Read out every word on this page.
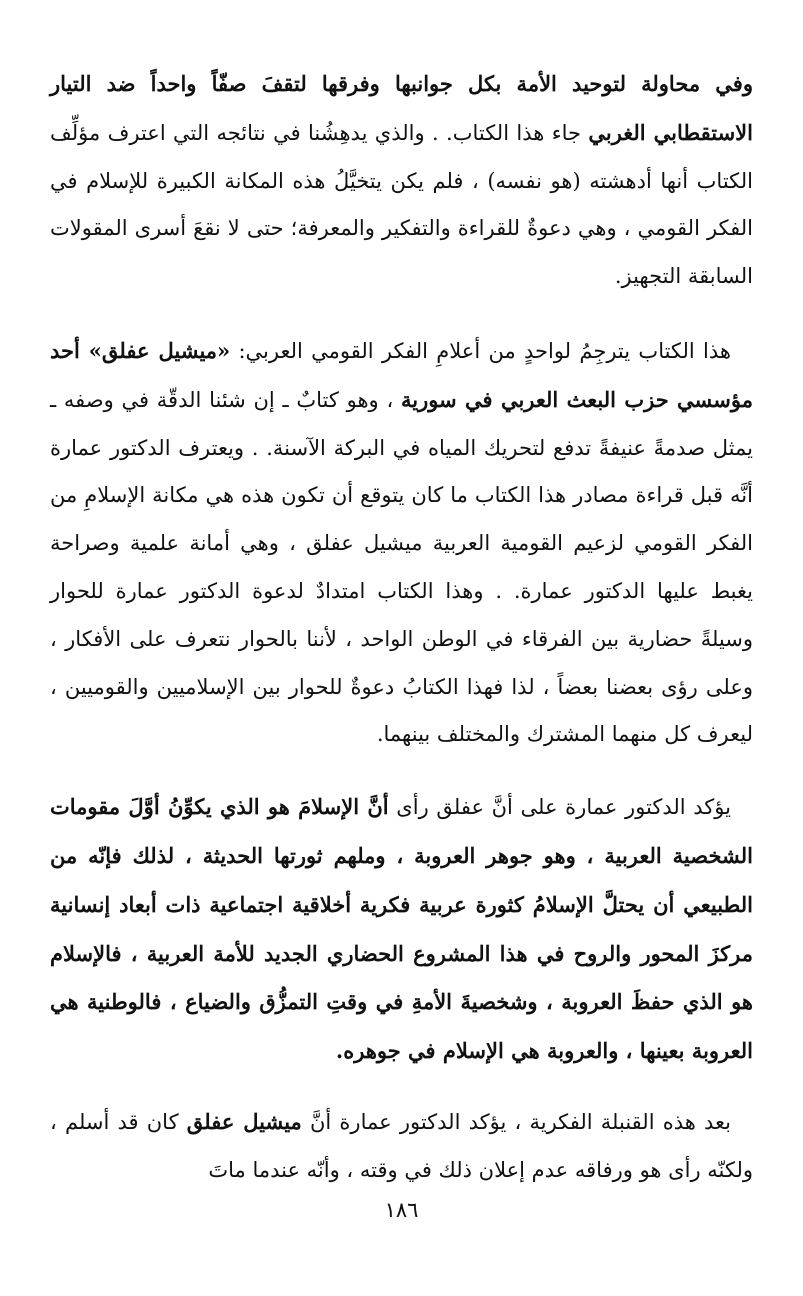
وفي محاولة لتوحيد الأمة بكل جوانبها وفرقها لتقفَ صفّاً واحداً ضد التيار الاستقطابي الغربي جاء هذا الكتاب. . والذي يدهِشُنا في نتائجه التي اعترف مؤلِّف الكتاب أنها أدهشته (هو نفسه) ، فلم يكن يتخيَّلُ هذه المكانة الكبيرة للإسلام في الفكر القومي ، وهي دعوةٌ للقراءة والتفكير والمعرفة؛ حتى لا نقعَ أسرى المقولات السابقة التجهيز.

هذا الكتاب يترجِمُ لواحدٍ من أعلامِ الفكر القومي العربي: «ميشيل عفلق» أحد مؤسسي حزب البعث العربي في سورية ، وهو كتابٌ ـ إن شئنا الدقّة في وصفه ـ يمثل صدمةً عنيفةً تدفع لتحريك المياه في البركة الآسنة. . ويعترف الدكتور عمارة أنَّه قبل قراءة مصادر هذا الكتاب ما كان يتوقع أن تكون هذه هي مكانة الإسلامِ من الفكر القومي لزعيم القومية العربية ميشيل عفلق ، وهي أمانة علمية وصراحة يغبط عليها الدكتور عمارة. . وهذا الكتاب امتدادٌ لدعوة الدكتور عمارة للحوار وسيلةً حضارية بين الفرقاء في الوطن الواحد ، لأننا بالحوار نتعرف على الأفكار ، وعلى رؤى بعضنا بعضاً ، لذا فهذا الكتابُ دعوةٌ للحوار بين الإسلاميين والقوميين ، ليعرف كل منهما المشترك والمختلف بينهما.

يؤكد الدكتور عمارة على أنَّ عفلق رأى أنَّ الإسلامَ هو الذي يكوِّنُ أوَّلَ مقومات الشخصية العربية ، وهو جوهر العروبة ، وملهم ثورتها الحديثة ، لذلك فإنّه من الطبيعي أن يحتلَّ الإسلامُ كثورة عربية فكرية أخلاقية اجتماعية ذات أبعاد إنسانية مركزَ المحور والروح في هذا المشروع الحضاري الجديد للأمة العربية ، فالإسلام هو الذي حفظَ العروبة ، وشخصيةَ الأمةِ في وقتِ التمزُّق والضياع ، فالوطنية هي العروبة بعينها ، والعروبة هي الإسلام في جوهره.

بعد هذه القنبلة الفكرية ، يؤكد الدكتور عمارة أنَّ ميشيل عفلق كان قد أسلم ، ولكنّه رأى هو ورفاقه عدم إعلان ذلك في وقته ، وأنّه عندما ماتَ

١٨٦
